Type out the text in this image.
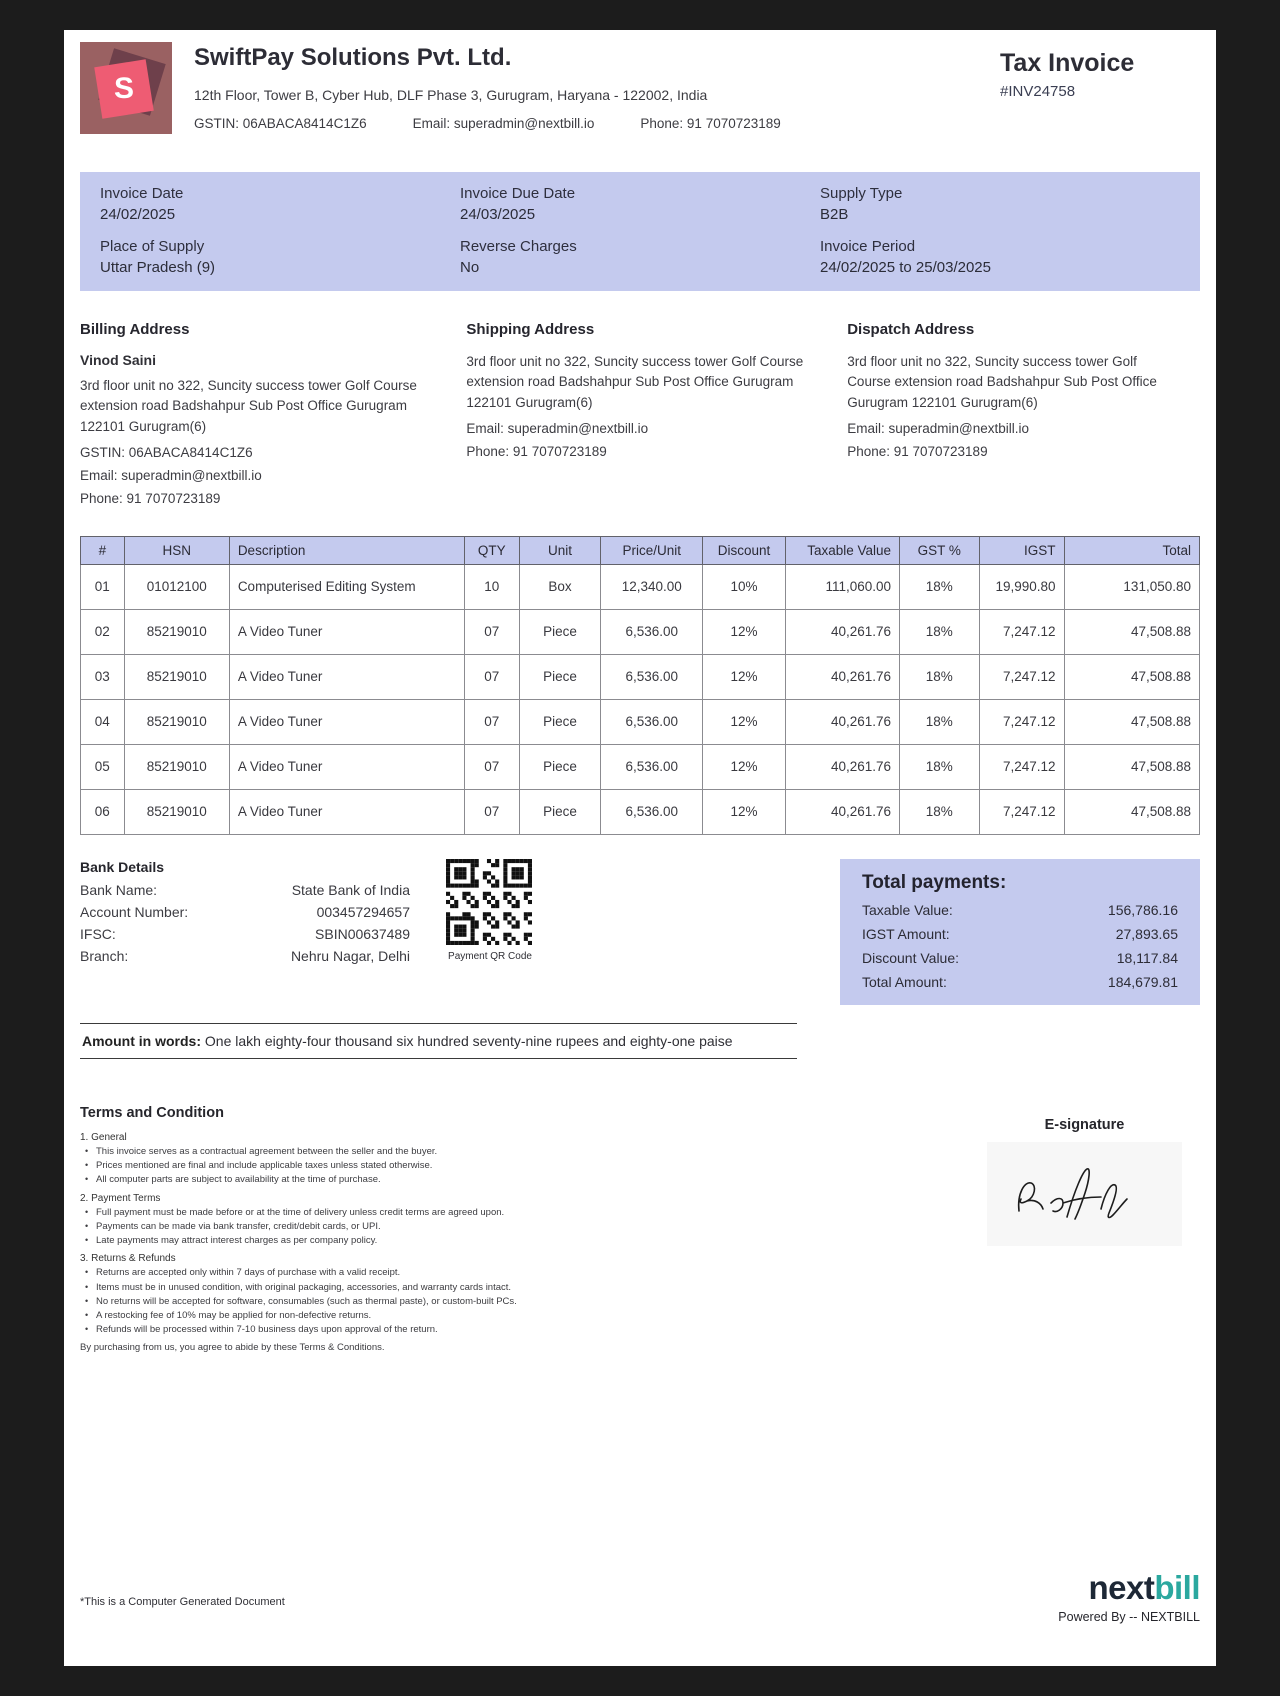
S
SwiftPay Solutions Pvt. Ltd.
12th Floor, Tower B, Cyber Hub, DLF Phase 3, Gurugram, Haryana - 122002, India
GSTIN: 06ABACA8414C1Z6	Email: superadmin@nextbill.io	Phone: 91 7070723189
Tax Invoice
#INV24758
Invoice Date
24/02/2025
Invoice Due Date
24/03/2025
Supply Type
B2B
Place of Supply
Uttar Pradesh (9)
Reverse Charges
No
Invoice Period
24/02/2025 to 25/03/2025
Billing Address
Vinod Saini
3rd floor unit no 322, Suncity success tower Golf Course extension road Badshahpur Sub Post Office Gurugram 122101 Gurugram(6)
GSTIN: 06ABACA8414C1Z6
Email: superadmin@nextbill.io
Phone: 91 7070723189
Shipping Address
3rd floor unit no 322, Suncity success tower Golf Course extension road Badshahpur Sub Post Office Gurugram 122101 Gurugram(6)
Email: superadmin@nextbill.io
Phone: 91 7070723189
Dispatch Address
3rd floor unit no 322, Suncity success tower Golf Course extension road Badshahpur Sub Post Office Gurugram 122101 Gurugram(6)
Email: superadmin@nextbill.io
Phone: 91 7070723189
#	HSN	Description	QTY	Unit	Price/Unit	Discount	Taxable Value	GST %	IGST	Total
01	01012100	Computerised Editing System	10	Box	12,340.00	10%	111,060.00	18%	19,990.80	131,050.80
02	85219010	A Video Tuner	07	Piece	6,536.00	12%	40,261.76	18%	7,247.12	47,508.88
03	85219010	A Video Tuner	07	Piece	6,536.00	12%	40,261.76	18%	7,247.12	47,508.88
04	85219010	A Video Tuner	07	Piece	6,536.00	12%	40,261.76	18%	7,247.12	47,508.88
05	85219010	A Video Tuner	07	Piece	6,536.00	12%	40,261.76	18%	7,247.12	47,508.88
06	85219010	A Video Tuner	07	Piece	6,536.00	12%	40,261.76	18%	7,247.12	47,508.88
Bank Details
Bank Name:	State Bank of India
Account Number:	003457294657
IFSC:	SBIN00637489
Branch:	Nehru Nagar, Delhi	Payment QR Code
Total payments:
Taxable Value:	156,786.16
IGST Amount:	27,893.65
Discount Value:	18,117.84
Total Amount:	184,679.81
Amount in words: One lakh eighty-four thousand six hundred seventy-nine rupees and eighty-one paise
Terms and Condition
1. General
• This invoice serves as a contractual agreement between the seller and the buyer.
• Prices mentioned are final and include applicable taxes unless stated otherwise.
• All computer parts are subject to availability at the time of purchase.
2. Payment Terms
• Full payment must be made before or at the time of delivery unless credit terms are agreed upon.
• Payments can be made via bank transfer, credit/debit cards, or UPI.
• Late payments may attract interest charges as per company policy.
3. Returns & Refunds
• Returns are accepted only within 7 days of purchase with a valid receipt.
• Items must be in unused condition, with original packaging, accessories, and warranty cards intact.
• No returns will be accepted for software, consumables (such as thermal paste), or custom-built PCs.
• A restocking fee of 10% may be applied for non-defective returns.
• Refunds will be processed within 7-10 business days upon approval of the return.
By purchasing from us, you agree to abide by these Terms & Conditions.
E-signature
*This is a Computer Generated Document	nextbill
Powered By -- NEXTBILL
